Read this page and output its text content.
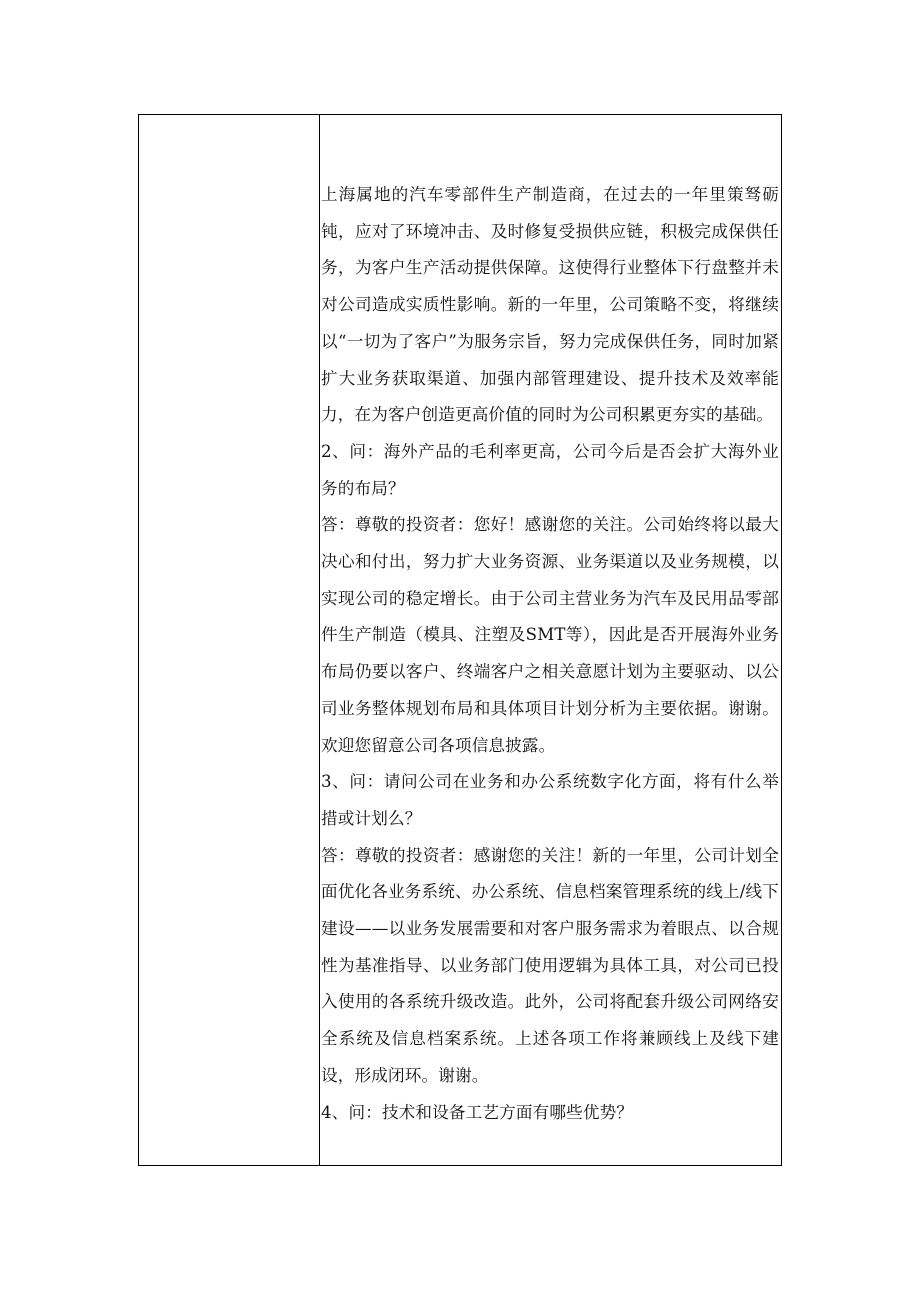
上海属地的汽车零部件生产制造商，在过去的一年里策驽砺钝，应对了环境冲击、及时修复受损供应链，积极完成保供任务，为客户生产活动提供保障。这使得行业整体下行盘整并未对公司造成实质性影响。新的一年里，公司策略不变，将继续以“一切为了客户”为服务宗旨，努力完成保供任务，同时加紧扩大业务获取渠道、加强内部管理建设、提升技术及效率能力，在为客户创造更高价值的同时为公司积累更夯实的基础。

2、问：海外产品的毛利率更高，公司今后是否会扩大海外业务的布局？

答：尊敬的投资者：您好！感谢您的关注。公司始终将以最大决心和付出，努力扩大业务资源、业务渠道以及业务规模，以实现公司的稳定增长。由于公司主营业务为汽车及民用品零部件生产制造（模具、注塑及SMT等），因此是否开展海外业务布局仍要以客户、终端客户之相关意愿计划为主要驱动、以公司业务整体规划布局和具体项目计划分析为主要依据。谢谢。欢迎您留意公司各项信息披露。

3、问：请问公司在业务和办公系统数字化方面，将有什么举措或计划么？

答：尊敬的投资者：感谢您的关注！新的一年里，公司计划全面优化各业务系统、办公系统、信息档案管理系统的线上/线下建设——以业务发展需要和对客户服务需求为着眼点、以合规性为基准指导、以业务部门使用逻辑为具体工具，对公司已投入使用的各系统升级改造。此外，公司将配套升级公司网络安全系统及信息档案系统。上述各项工作将兼顾线上及线下建设，形成闭环。谢谢。

4、问：技术和设备工艺方面有哪些优势？
